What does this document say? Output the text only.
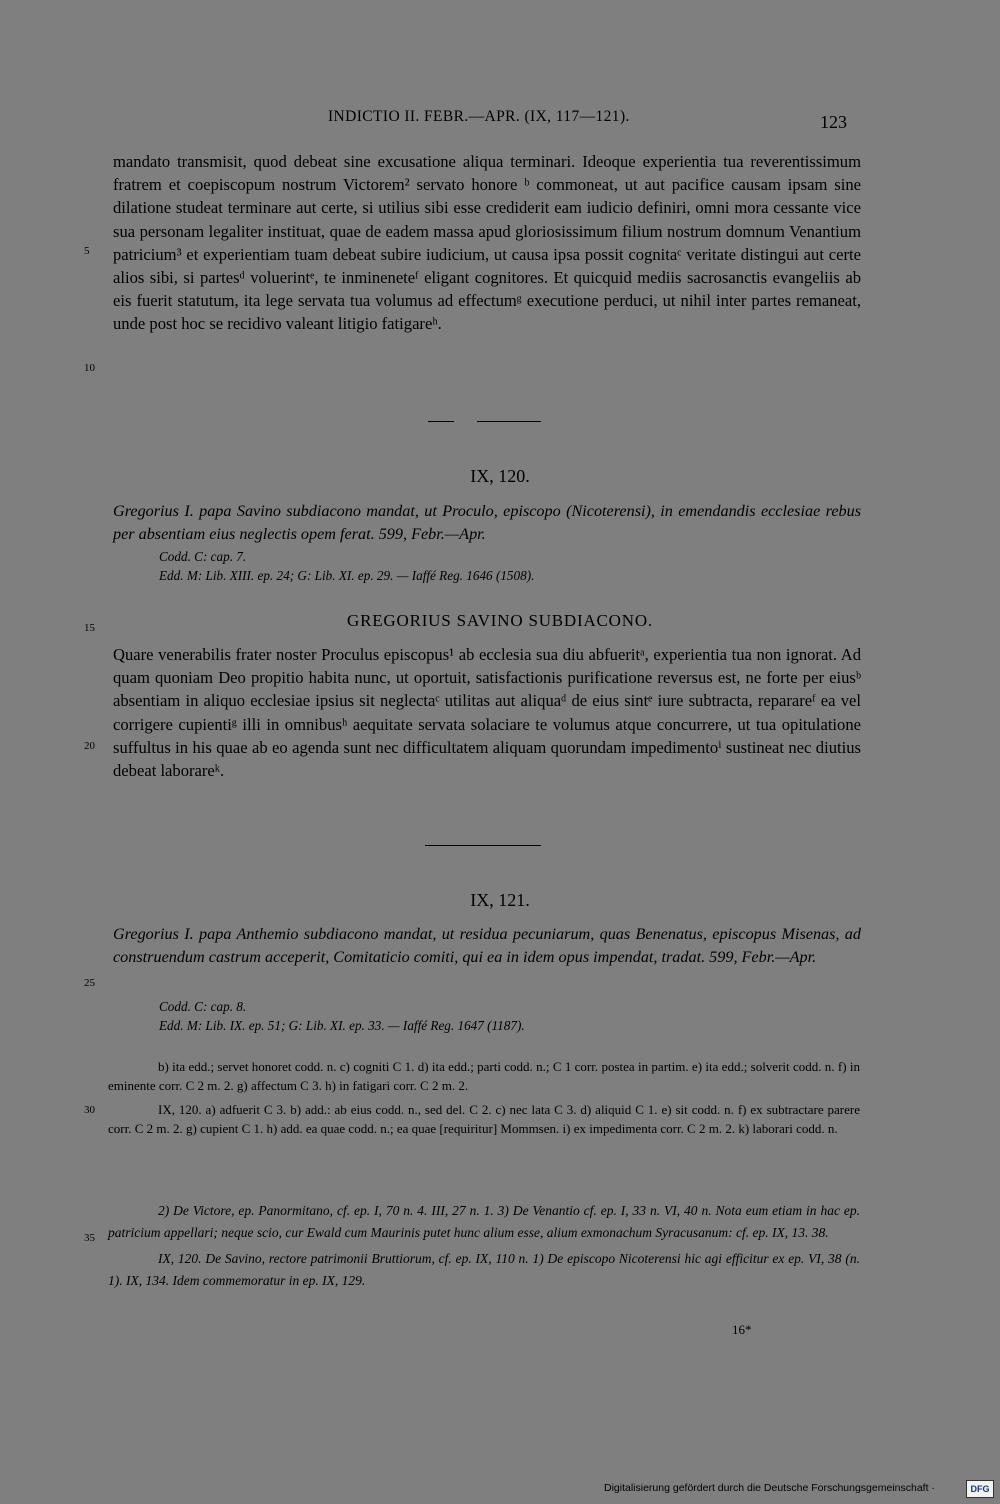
INDICTIO II. FEBR.—APR. (IX, 117—121).	123
5
10
15
20
25
30
35

mandato transmisit, quod debeat sine excusatione aliqua terminari. Ideoque experientia tua reverentissimum fratrem et coepiscopum nostrum Victorem² servato honore ᵇ commoneat, ut aut pacifice causam ipsam sine dilatione studeat terminare aut certe, si utilius sibi esse crediderit eam iudicio definiri, omni mora cessante vice sua personam legaliter instituat, quae de eadem massa apud gloriosissimum filium nostrum domnum Venantium patricium³ et experientiam tuam debeat subire iudicium, ut causa ipsa possit cognitaᶜ veritate distingui aut certe alios sibi, si partesᵈ voluerintᵉ, te inmineneteᶠ eligant cognitores. Et quicquid mediis sacrosanctis evangeliis ab eis fuerit statutum, ita lege servata tua volumus ad effectumᵍ executione perduci, ut nihil inter partes remaneat, unde post hoc se recidivo valeant litigio fatigareʰ.

IX, 120.
Gregorius I. papa Savino subdiacono mandat, ut Proculo, episcopo (Nicoterensi), in emendandis ecclesiae rebus per absentiam eius neglectis opem ferat. 599, Febr.—Apr.
Codd. C: cap. 7.
Edd. M: Lib. XIII. ep. 24; G: Lib. XI. ep. 29. — Iaffé Reg. 1646 (1508).
GREGORIUS SAVINO SUBDIACONO.

Quare venerabilis frater noster Proculus episcopus¹ ab ecclesia sua diu abfueritᵃ, experientia tua non ignorat. Ad quam quoniam Deo propitio habita nunc, ut oportuit, satisfactionis purificatione reversus est, ne forte per eiusᵇ absentiam in aliquo ecclesiae ipsius sit neglectaᶜ utilitas aut aliquaᵈ de eius sintᵉ iure subtracta, reparareᶠ ea vel corrigere cupientiᵍ illi in omnibusʰ aequitate servata solaciare te volumus atque concurrere, ut tua opitulatione suffultus in his quae ab eo agenda sunt nec difficultatem aliquam quorundam impedimentoⁱ sustineat nec diutius debeat laborareᵏ.

IX, 121.
Gregorius I. papa Anthemio subdiacono mandat, ut residua pecuniarum, quas Benenatus, episcopus Misenas, ad construendum castrum acceperit, Comitaticio comiti, qui ea in idem opus impendat, tradat. 599, Febr.—Apr.
Codd. C: cap. 8.
Edd. M: Lib. IX. ep. 51; G: Lib. XI. ep. 33. — Iaffé Reg. 1647 (1187).

b) ita edd.; servet honoret codd. n. c) cogniti C 1. d) ita edd.; parti codd. n.; C 1 corr. postea in partim. e) ita edd.; solverit codd. n. f) in eminente corr. C 2 m. 2. g) affectum C 3. h) in fatigari corr. C 2 m. 2.

IX, 120. a) adfuerit C 3. b) add.: ab eius codd. n., sed del. C 2. c) nec lata C 3. d) aliquid C 1. e) sit codd. n. f) ex subtractare parere corr. C 2 m. 2. g) cupient C 1. h) add. ea quae codd. n.; ea quae [requiritur] Mommsen. i) ex impedimenta corr. C 2 m. 2. k) laborari codd. n.

2) De Victore, ep. Panormitano, cf. ep. I, 70 n. 4. III, 27 n. 1. 3) De Venantio cf. ep. I, 33 n. VI, 40 n. Nota eum etiam in hac ep. patricium appellari; neque scio, cur Ewald cum Maurinis putet hunc alium esse, alium exmonachum Syracusanum: cf. ep. IX, 13. 38.

IX, 120. De Savino, rectore patrimonii Bruttiorum, cf. ep. IX, 110 n. 1) De episcopo Nicoterensi hic agi efficitur ex ep. VI, 38 (n. 1). IX, 134. Idem commemoratur in ep. IX, 129.

16*
Digitalisierung gefördert durch die Deutsche Forschungsgemeinschaft ·	DFG
